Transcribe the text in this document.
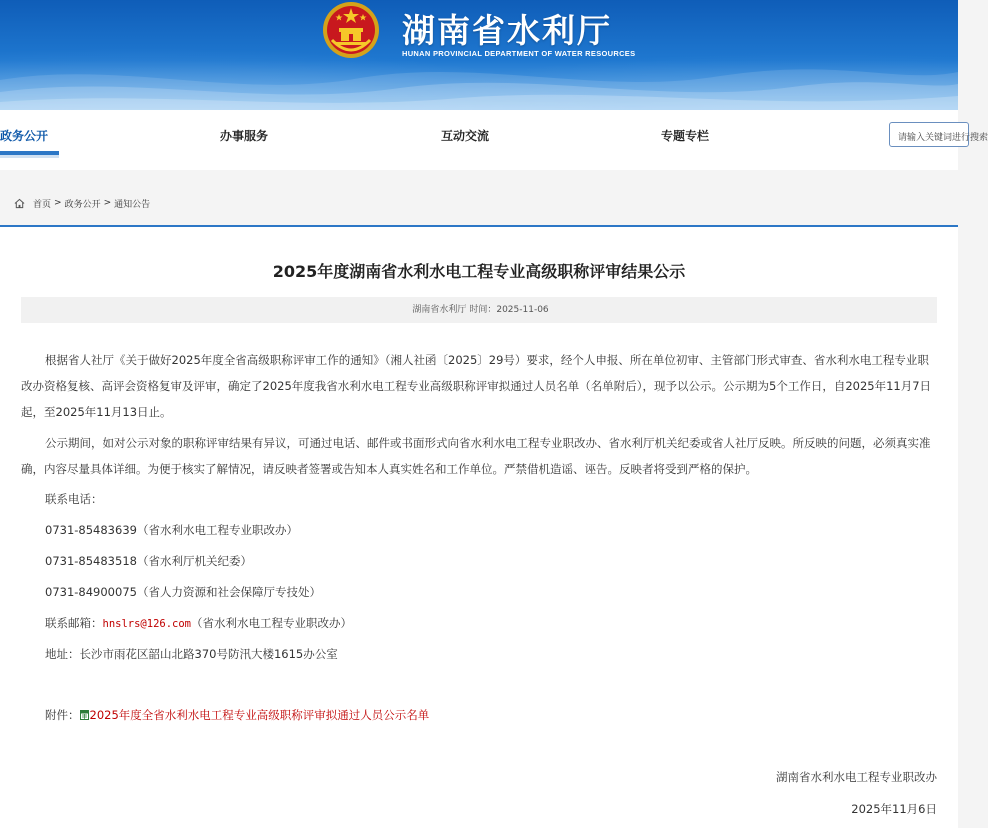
湖南省水利厅
HUNAN PROVINCIAL DEPARTMENT OF WATER RESOURCES
政务公开	办事服务	互动交流	专题专栏	请输入关键词进行搜索
首页 > 政务公开 > 通知公告
2025年度湖南省水利水电工程专业高级职称评审结果公示
湖南省水利厅 时间：2025-11-06
根据省人社厅《关于做好2025年度全省高级职称评审工作的通知》（湘人社函〔2025〕29号）要求，经个人申报、所在单位初审、主管部门形式审查、省水利水电工程专业职改办资格复核、高评会资格复审及评审，确定了2025年度我省水利水电工程专业高级职称评审拟通过人员名单（名单附后），现予以公示。公示期为5个工作日，自2025年11月7日起，至2025年11月13日止。
公示期间，如对公示对象的职称评审结果有异议，可通过电话、邮件或书面形式向省水利水电工程专业职改办、省水利厅机关纪委或省人社厅反映。所反映的问题，必须真实准确，内容尽量具体详细。为便于核实了解情况，请反映者签署或告知本人真实姓名和工作单位。严禁借机造谣、诬告。反映者将受到严格的保护。
联系电话：
0731-85483639（省水利水电工程专业职改办）
0731-85483518（省水利厅机关纪委）
0731-84900075（省人力资源和社会保障厅专技处）
联系邮箱：hnslrs@126.com（省水利水电工程专业职改办）
地址：长沙市雨花区韶山北路370号防汛大楼1615办公室
附件： 2025年度全省水利水电工程专业高级职称评审拟通过人员公示名单
湖南省水利水电工程专业职改办
2025年11月6日
